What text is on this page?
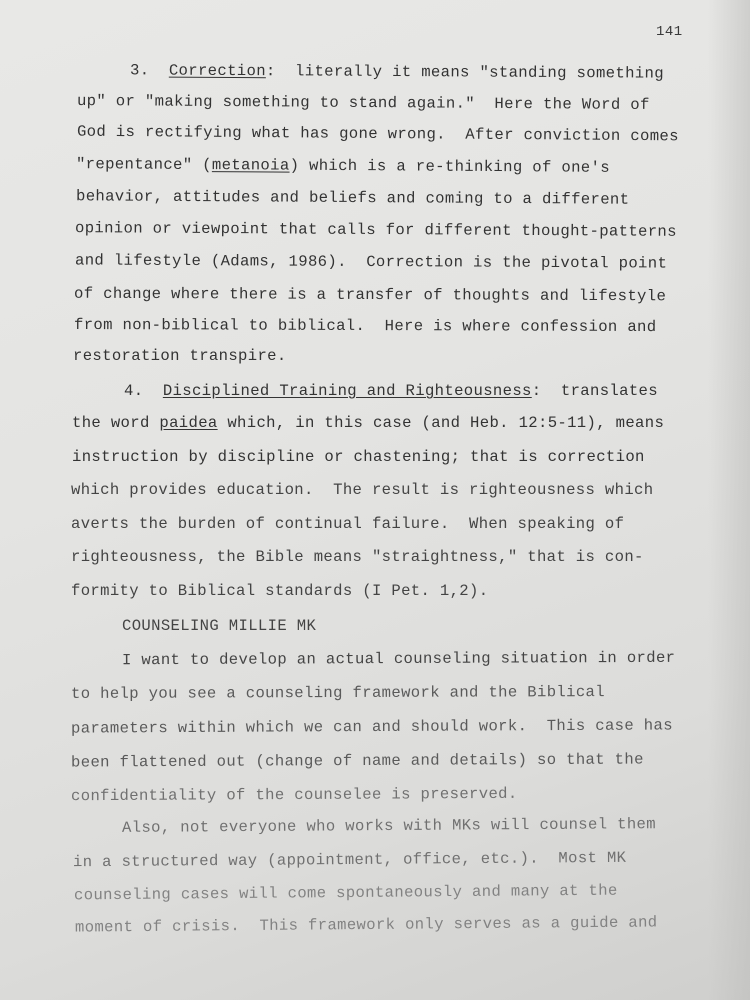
141
3. Correction:  literally it means "standing something
up" or "making something to stand again."  Here the Word of
God is rectifying what has gone wrong.  After conviction comes
"repentance" (metanoia) which is a re-thinking of one's
behavior, attitudes and beliefs and coming to a different
opinion or viewpoint that calls for different thought-patterns
and lifestyle (Adams, 1986).  Correction is the pivotal point
of change where there is a transfer of thoughts and lifestyle
from non-biblical to biblical.  Here is where confession and
restoration transpire.
4. Disciplined Training and Righteousness:  translates
the word paidea which, in this case (and Heb. 12:5-11), means
instruction by discipline or chastening; that is correction
which provides education.  The result is righteousness which
averts the burden of continual failure.  When speaking of
righteousness, the Bible means "straightness," that is con-
formity to Biblical standards (I Pet. 1,2).
COUNSELING MILLIE MK
I want to develop an actual counseling situation in order
to help you see a counseling framework and the Biblical
parameters within which we can and should work.  This case has
been flattened out (change of name and details) so that the
confidentiality of the counselee is preserved.
Also, not everyone who works with MKs will counsel them
in a structured way (appointment, office, etc.).  Most MK
counseling cases will come spontaneously and many at the
moment of crisis.  This framework only serves as a guide and
